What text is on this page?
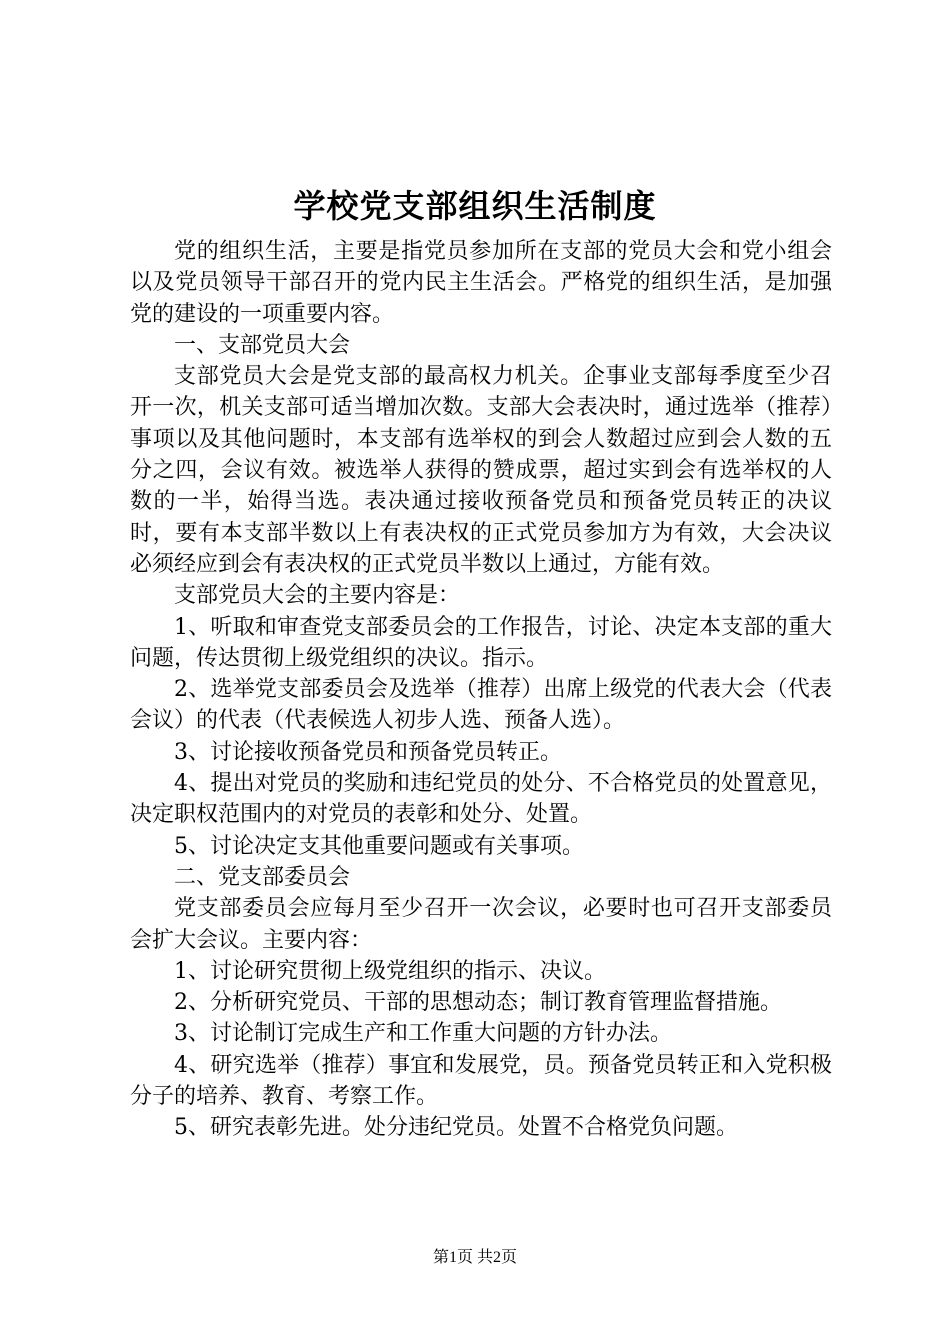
学校党支部组织生活制度

党的组织生活，主要是指党员参加所在支部的党员大会和党小组会以及党员领导干部召开的党内民主生活会。严格党的组织生活，是加强党的建设的一项重要内容。

一、支部党员大会

支部党员大会是党支部的最高权力机关。企事业支部每季度至少召开一次，机关支部可适当增加次数。支部大会表决时，通过选举（推荐）事项以及其他问题时，本支部有选举权的到会人数超过应到会人数的五分之四，会议有效。被选举人获得的赞成票，超过实到会有选举权的人数的一半，始得当选。表决通过接收预备党员和预备党员转正的决议时，要有本支部半数以上有表决权的正式党员参加方为有效，大会决议必须经应到会有表决权的正式党员半数以上通过，方能有效。

支部党员大会的主要内容是：

1、听取和审查党支部委员会的工作报告，讨论、决定本支部的重大问题，传达贯彻上级党组织的决议。指示。

2、选举党支部委员会及选举（推荐）出席上级党的代表大会（代表会议）的代表（代表候选人初步人选、预备人选）。

3、讨论接收预备党员和预备党员转正。

4、提出对党员的奖励和违纪党员的处分、不合格党员的处置意见，决定职权范围内的对党员的表彰和处分、处置。

5、讨论决定支其他重要问题或有关事项。

二、党支部委员会

党支部委员会应每月至少召开一次会议，必要时也可召开支部委员会扩大会议。主要内容：

1、讨论研究贯彻上级党组织的指示、决议。

2、分析研究党员、干部的思想动态；制订教育管理监督措施。

3、讨论制订完成生产和工作重大问题的方针办法。

4、研究选举（推荐）事宜和发展党，员。预备党员转正和入党积极分子的培养、教育、考察工作。

5、研究表彰先进。处分违纪党员。处置不合格党负问题。

第1页 共2页
